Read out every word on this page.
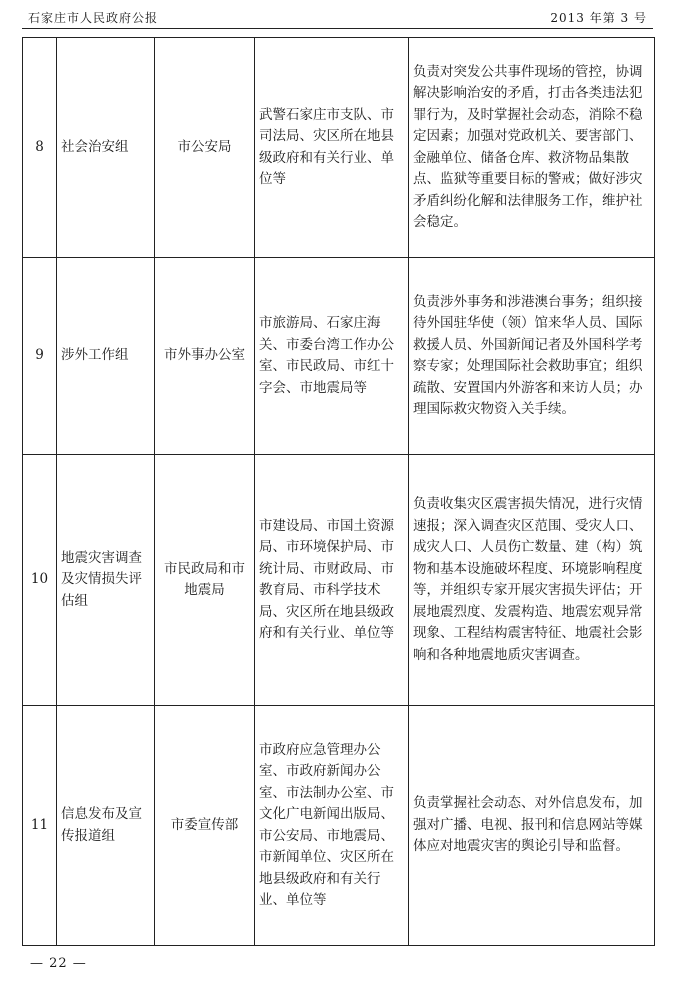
石家庄市人民政府公报	2013 年第 3 号
8	社会治安组	市公安局	武警石家庄市支队、市司法局、灾区所在地县级政府和有关行业、单位等	负责对突发公共事件现场的管控，协调解决影响治安的矛盾，打击各类违法犯罪行为，及时掌握社会动态，消除不稳定因素；加强对党政机关、要害部门、金融单位、储备仓库、救济物品集散点、监狱等重要目标的警戒；做好涉灾矛盾纠纷化解和法律服务工作，维护社会稳定。
9	涉外工作组	市外事办公室	市旅游局、石家庄海关、市委台湾工作办公室、市民政局、市红十字会、市地震局等	负责涉外事务和涉港澳台事务；组织接待外国驻华使（领）馆来华人员、国际救援人员、外国新闻记者及外国科学考察专家；处理国际社会救助事宜；组织疏散、安置国内外游客和来访人员；办理国际救灾物资入关手续。
10	地震灾害调查及灾情损失评估组	市民政局和市地震局	市建设局、市国土资源局、市环境保护局、市统计局、市财政局、市教育局、市科学技术局、灾区所在地县级政府和有关行业、单位等	负责收集灾区震害损失情况，进行灾情速报；深入调查灾区范围、受灾人口、成灾人口、人员伤亡数量、建（构）筑物和基本设施破坏程度、环境影响程度等，并组织专家开展灾害损失评估；开展地震烈度、发震构造、地震宏观异常现象、工程结构震害特征、地震社会影响和各种地震地质灾害调查。
11	信息发布及宣传报道组	市委宣传部	市政府应急管理办公室、市政府新闻办公室、市法制办公室、市文化广电新闻出版局、市公安局、市地震局、市新闻单位、灾区所在地县级政府和有关行业、单位等	负责掌握社会动态、对外信息发布，加强对广播、电视、报刊和信息网站等媒体应对地震灾害的舆论引导和监督。
— 22 —
